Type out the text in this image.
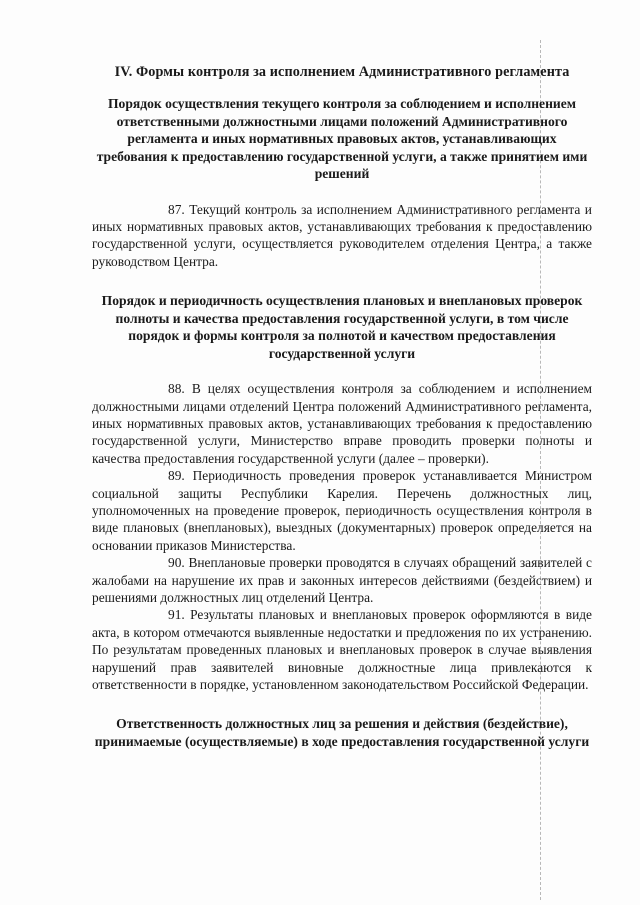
IV. Формы контроля за исполнением Административного регламента
Порядок осуществления текущего контроля за соблюдением и исполнением ответственными должностными лицами положений Административного регламента и иных нормативных правовых актов, устанавливающих требования к предоставлению государственной услуги, а также принятием ими решений

87. Текущий контроль за исполнением Административного регламента и иных нормативных правовых актов, устанавливающих требования к предоставлению государственной услуги, осуществляется руководителем отделения Центра, а также руководством Центра.

Порядок и периодичность осуществления плановых и внеплановых проверок полноты и качества предоставления государственной услуги, в том числе порядок и формы контроля за полнотой и качеством предоставления государственной услуги

88. В целях осуществления контроля за соблюдением и исполнением должностными лицами отделений Центра положений Административного регламента, иных нормативных правовых актов, устанавливающих требования к предоставлению государственной услуги, Министерство вправе проводить проверки полноты и качества предоставления государственной услуги (далее – проверки).

89. Периодичность проведения проверок устанавливается Министром социальной защиты Республики Карелия. Перечень должностных лиц, уполномоченных на проведение проверок, периодичность осуществления контроля в виде плановых (внеплановых), выездных (документарных) проверок определяется на основании приказов Министерства.

90. Внеплановые проверки проводятся в случаях обращений заявителей с жалобами на нарушение их прав и законных интересов действиями (бездействием) и решениями должностных лиц отделений Центра.

91. Результаты плановых и внеплановых проверок оформляются в виде акта, в котором отмечаются выявленные недостатки и предложения по их устранению. По результатам проведенных плановых и внеплановых проверок в случае выявления нарушений прав заявителей виновные должностные лица привлекаются к ответственности в порядке, установленном законодательством Российской Федерации.

Ответственность должностных лиц за решения и действия (бездействие), принимаемые (осуществляемые) в ходе предоставления государственной услуги
